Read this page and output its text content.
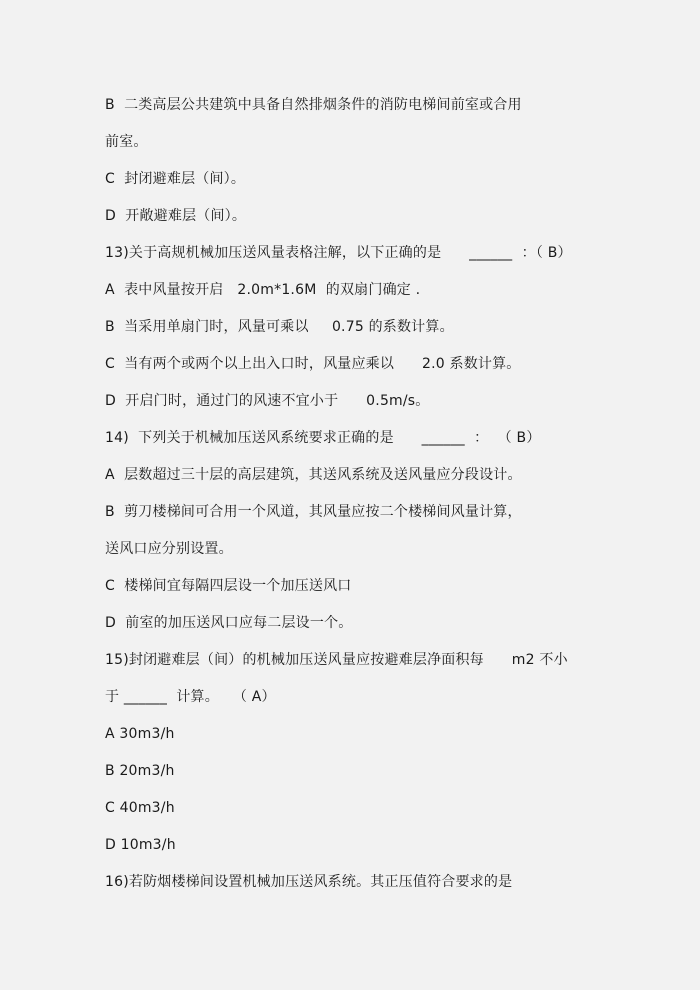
B  二类高层公共建筑中具备自然排烟条件的消防电梯间前室或合用
前室。
C  封闭避难层（间）。
D  开敞避难层（间）。
13)关于高规机械加压送风量表格注解，以下正确的是      ______  ：（ B）
A  表中风量按开启   2.0m*1.6M  的双扇门确定 .
B  当采用单扇门时，风量可乘以     0.75 的系数计算。
C  当有两个或两个以上出入口时，风量应乘以      2.0 系数计算。
D  开启门时，通过门的风速不宜小于      0.5m/s。
14)  下列关于机械加压送风系统要求正确的是      ______  ：  （ B）
A  层数超过三十层的高层建筑，其送风系统及送风量应分段设计。
B  剪刀楼梯间可合用一个风道，其风量应按二个楼梯间风量计算，
送风口应分别设置。
C  楼梯间宜每隔四层设一个加压送风口
D  前室的加压送风口应每二层设一个。
15)封闭避难层（间）的机械加压送风量应按避难层净面积每      m2 不小
于 ______  计算。   （ A）
A 30m3/h
B 20m3/h
C 40m3/h
D 10m3/h
16)若防烟楼梯间设置机械加压送风系统。其正压值符合要求的是
